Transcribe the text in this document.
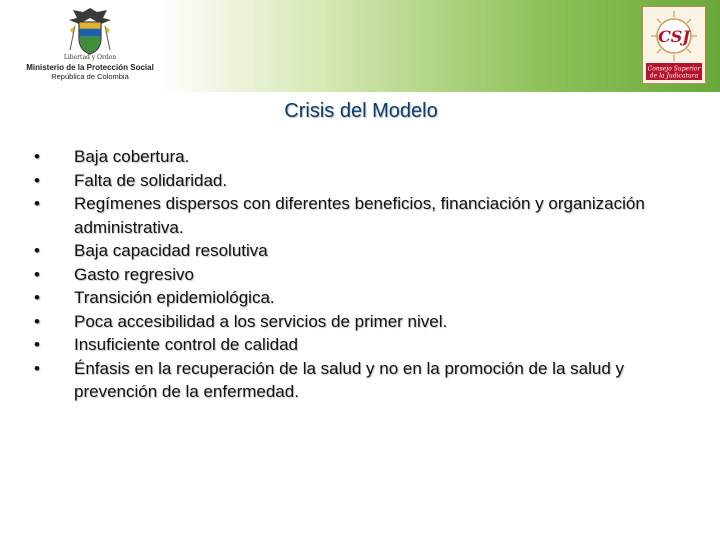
Libertad y Orden
Ministerio de la Protección Social
República de Colombia
CSJ
Consejo Superior
de la Judicatura
Crisis del Modelo
• Baja cobertura.
• Falta de solidaridad.
• Regímenes dispersos con diferentes beneficios, financiación y organización administrativa.
• Baja capacidad resolutiva
• Gasto regresivo
• Transición epidemiológica.
• Poca accesibilidad a los servicios de primer nivel.
• Insuficiente control de calidad
• Énfasis en la recuperación de la salud y no en la promoción de la salud y prevención de la enfermedad.
